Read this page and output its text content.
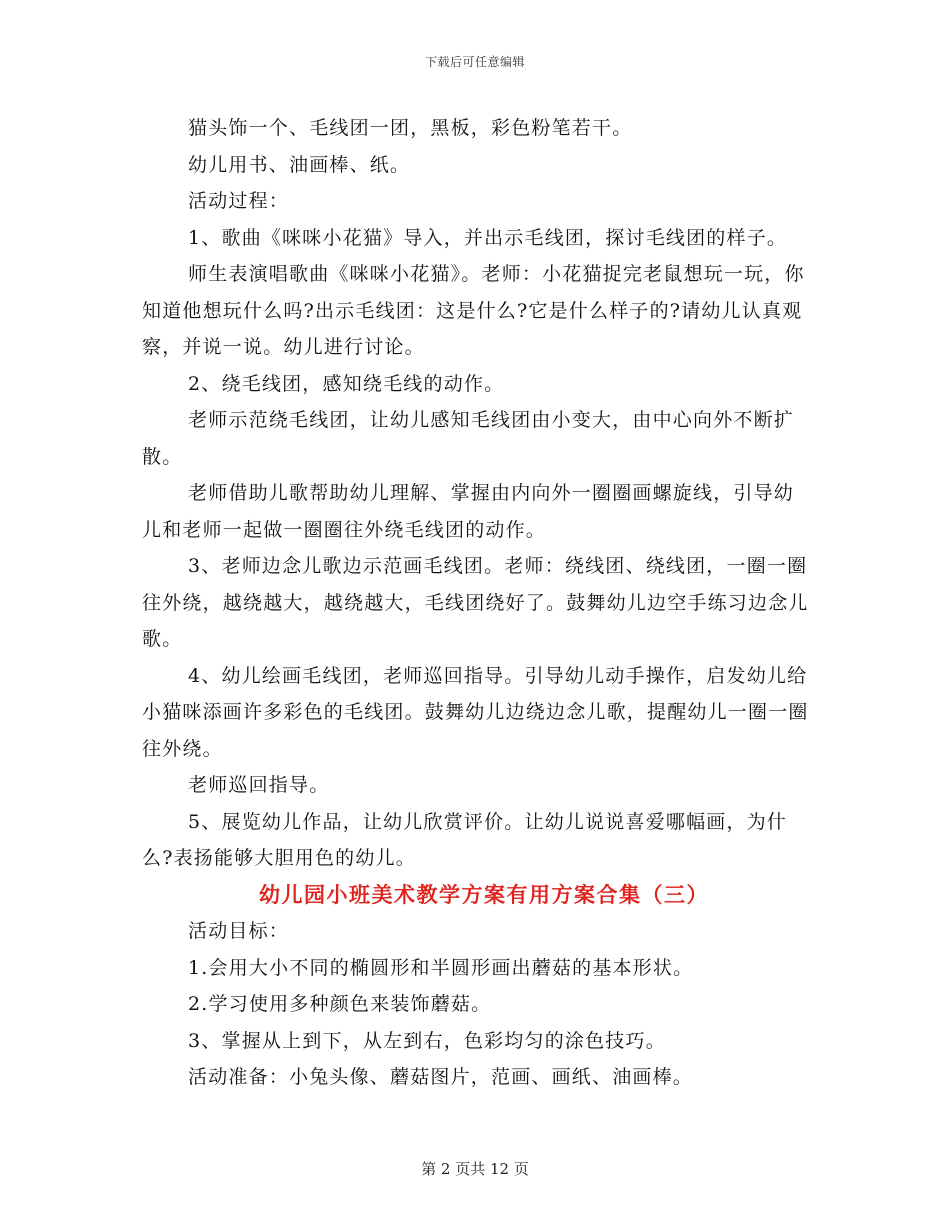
下载后可任意编辑

猫头饰一个、毛线团一团，黑板，彩色粉笔若干。

幼儿用书、油画棒、纸。

活动过程：

1、歌曲《咪咪小花猫》导入，并出示毛线团，探讨毛线团的样子。

师生表演唱歌曲《咪咪小花猫》。老师：小花猫捉完老鼠想玩一玩，你知道他想玩什么吗?出示毛线团：这是什么?它是什么样子的?请幼儿认真观察，并说一说。幼儿进行讨论。

2、绕毛线团，感知绕毛线的动作。

老师示范绕毛线团，让幼儿感知毛线团由小变大，由中心向外不断扩散。

老师借助儿歌帮助幼儿理解、掌握由内向外一圈圈画螺旋线，引导幼儿和老师一起做一圈圈往外绕毛线团的动作。

3、老师边念儿歌边示范画毛线团。老师：绕线团、绕线团，一圈一圈往外绕，越绕越大，越绕越大，毛线团绕好了。鼓舞幼儿边空手练习边念儿歌。

4、幼儿绘画毛线团，老师巡回指导。引导幼儿动手操作，启发幼儿给小猫咪添画许多彩色的毛线团。鼓舞幼儿边绕边念儿歌，提醒幼儿一圈一圈往外绕。

老师巡回指导。

5、展览幼儿作品，让幼儿欣赏评价。让幼儿说说喜爱哪幅画，为什么?表扬能够大胆用色的幼儿。

幼儿园小班美术教学方案有用方案合集（三）

活动目标：

1.会用大小不同的椭圆形和半圆形画出蘑菇的基本形状。

2.学习使用多种颜色来装饰蘑菇。

3、掌握从上到下，从左到右，色彩均匀的涂色技巧。

活动准备：小兔头像、蘑菇图片，范画、画纸、油画棒。

第 2 页共 12 页
